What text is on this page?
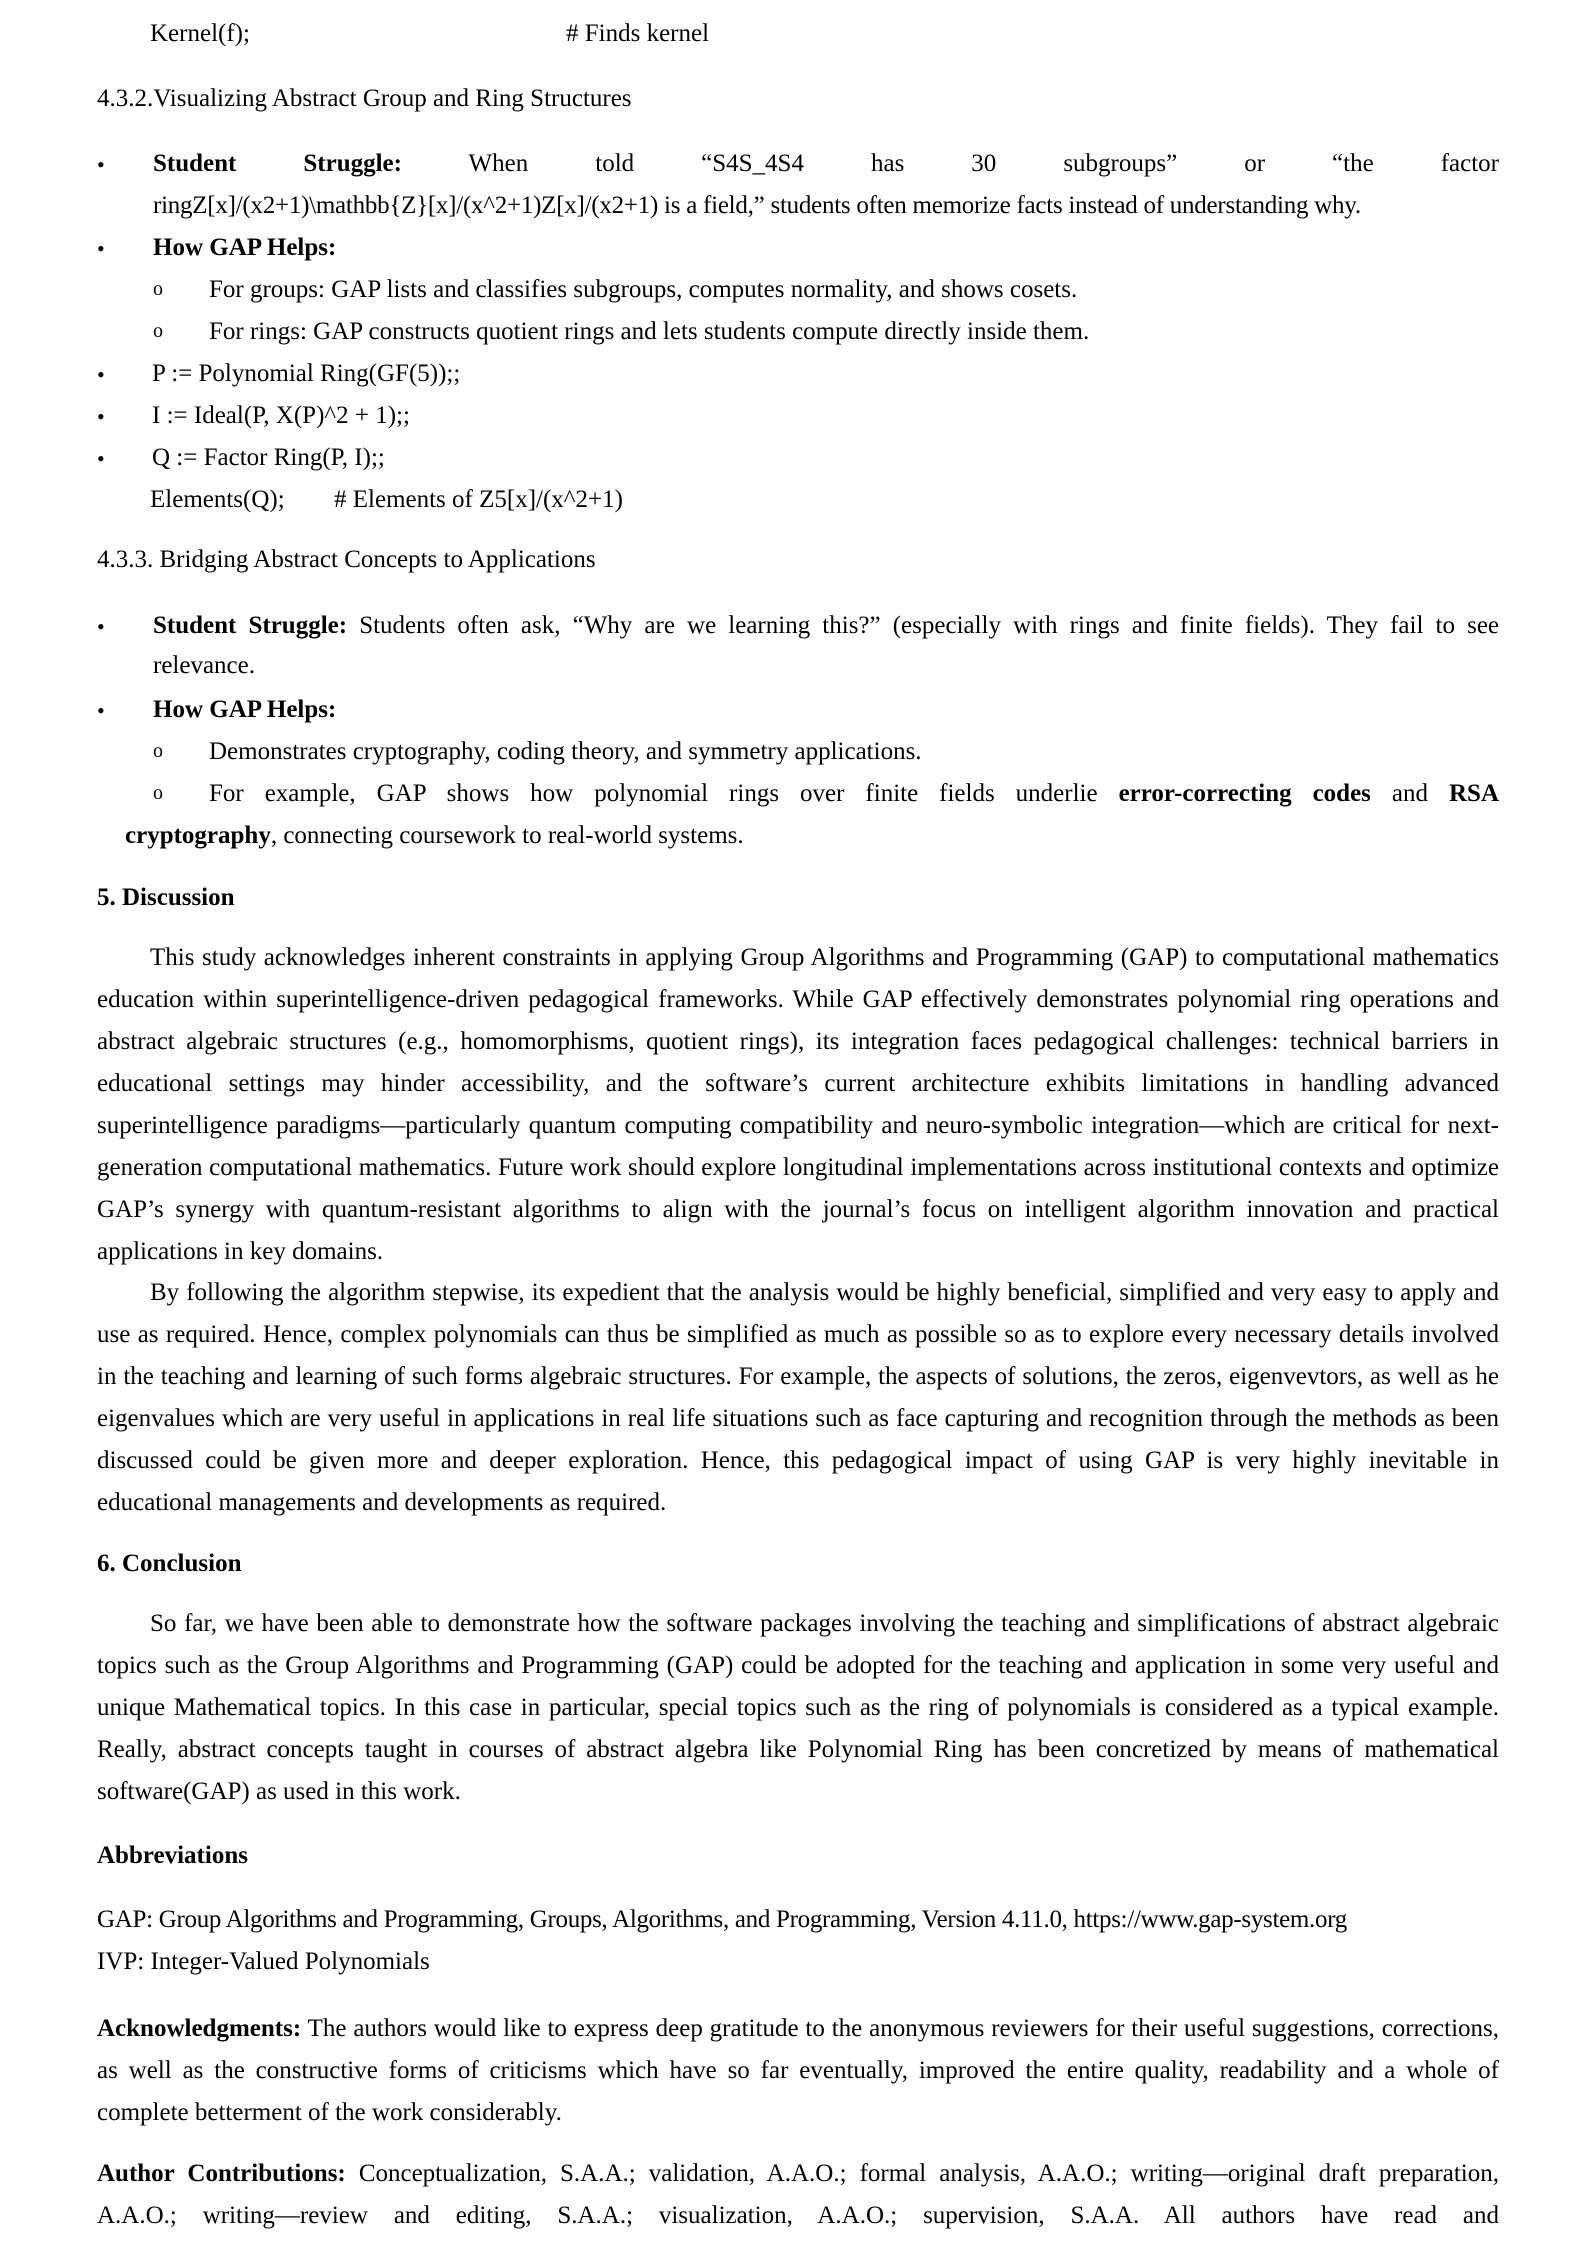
Kernel(f);	# Finds kernel
4.3.2.Visualizing Abstract Group and Ring Structures
• Student Struggle:	When told “S4S_4S4 has 30 subgroups” or “the factor
ringZ[x]/(x2+1)\mathbb{Z}[x]/(x^2+1)Z[x]/(x2+1) is a field,” students often memorize facts instead of understanding why.
• How GAP Helps:
o For groups: GAP lists and classifies subgroups, computes normality, and shows cosets.
o For rings: GAP constructs quotient rings and lets students compute directly inside them.
• P := Polynomial Ring(GF(5));;
• I := Ideal(P, X(P)^2 + 1);;
• Q := Factor Ring(P, I);;
Elements(Q); # Elements of Z5[x]/(x^2+1)
4.3.3. Bridging Abstract Concepts to Applications
• Student Struggle: Students often ask, “Why are we learning this?” (especially with rings and finite fields). They fail to see
relevance.
• How GAP Helps:
o Demonstrates cryptography, coding theory, and symmetry applications.
o For example, GAP shows how polynomial rings over finite fields underlie error-correcting codes and RSA
cryptography, connecting coursework to real-world systems.
5. Discussion
This study acknowledges inherent constraints in applying Group Algorithms and Programming (GAP) to computational mathematics education within superintelligence-driven pedagogical frameworks. While GAP effectively demonstrates polynomial ring operations and abstract algebraic structures (e.g., homomorphisms, quotient rings), its integration faces pedagogical challenges: technical barriers in educational settings may hinder accessibility, and the software’s current architecture exhibits limitations in handling advanced superintelligence paradigms—particularly quantum computing compatibility and neuro-symbolic integration—which are critical for next-generation computational mathematics. Future work should explore longitudinal implementations across institutional contexts and optimize GAP’s synergy with quantum-resistant algorithms to align with the journal’s focus on intelligent algorithm innovation and practical applications in key domains.
By following the algorithm stepwise, its expedient that the analysis would be highly beneficial, simplified and very easy to apply and use as required. Hence, complex polynomials can thus be simplified as much as possible so as to explore every necessary details involved in the teaching and learning of such forms algebraic structures. For example, the aspects of solutions, the zeros, eigenvevtors, as well as he eigenvalues which are very useful in applications in real life situations such as face capturing and recognition through the methods as been discussed could be given more and deeper exploration. Hence, this pedagogical impact of using GAP is very highly inevitable in educational managements and developments as required.
6. Conclusion
So far, we have been able to demonstrate how the software packages involving the teaching and simplifications of abstract algebraic topics such as the Group Algorithms and Programming (GAP) could be adopted for the teaching and application in some very useful and unique Mathematical topics. In this case in particular, special topics such as the ring of polynomials is considered as a typical example. Really, abstract concepts taught in courses of abstract algebra like Polynomial Ring has been concretized by means of mathematical software(GAP) as used in this work.
Abbreviations
GAP: Group Algorithms and Programming, Groups, Algorithms, and Programming, Version 4.11.0, https://www.gap-system.org
IVP: Integer-Valued Polynomials
Acknowledgments: The authors would like to express deep gratitude to the anonymous reviewers for their useful suggestions, corrections, as well as the constructive forms of criticisms which have so far eventually, improved the entire quality, readability and a whole of complete betterment of the work considerably.
Author Contributions: Conceptualization, S.A.A.; validation, A.A.O.; formal analysis, A.A.O.; writing—original draft preparation, A.A.O.; writing—review and editing, S.A.A.; visualization, A.A.O.; supervision, S.A.A. All authors have read and
